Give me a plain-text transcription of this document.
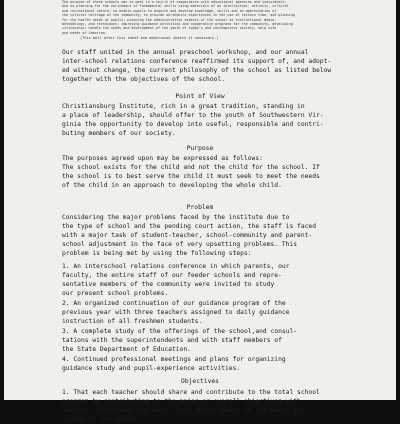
The purpose of these schools was to meet in a spirit of cooperation with educational agencies and individuals,
and so planning for the enrichment of fundamental skills using materials of an intellectual, artistic, cultural
and recreational nature; to enable pupils to acquire and develop knowledge, skills and an appreciation of
the cultural heritage of the community; to provide worthwhile experiences in the use of leisure time; and planning
for the health needs of pupils; planning the administrative aspects of the school as instructional media,
methodology, and techniques; improving guidance activities and cooperative programs for the community, developing
citizenship; handle the needs and development of the youth of today's and contemporary society; help with
and needs of tomorrow.
(This bell after this sheet and additional sheets if necessary.)
Our staff united in the annual preschool workshop, and our annual
inter-school relations conference reaffirmed its support of, and adopt-
ed without change, the current philosophy of the school as listed below
together with the objectives of the school.
Point of View
Christiansburg Institute, rich in a great tradition, standing in
a place of leadership, should offer to the youth of Southwestern Vir-
ginia the opportunity to develop into useful, responsible and contri-
buting members of our society.
Purpose
The purposes agreed upon may be expressed as follows:
The school exists for the child and not the child for the school. If
the school is to best serve the child it must seek to meet the needs
of the child in an approach to developing the whole child.
Problem
Considering the major problems faced by the institute due to
the type of school and the pending court action, the staff is faced
with a major task of student-teacher, school-community and parent-
school adjustment in the face of very upsetting problems. This
problem is being met by using the following steps:
1. An interschool relations conference in which parents, our
faculty, the entire staff of our feeder schools and repre-
sentative members of the community were invited to study
our present school problems.
2. An organized continuation of our guidance program of the
previous year with three teachers assigned to daily guidance
instruction of all freshmen students.
3. A complete study of the offerings of the school,and consul-
tations with the superintendents and with staff members of
the State Department of Education.
4. Continued professional meetings and plans for organizing
guidance study and pupil-experience activities.
Objectives
1. That each teacher should share and contribute to the total school
program by contributing to the major or overall objectives with
specific objectives for each class which relate to the basic phil-
osophy of the school.
